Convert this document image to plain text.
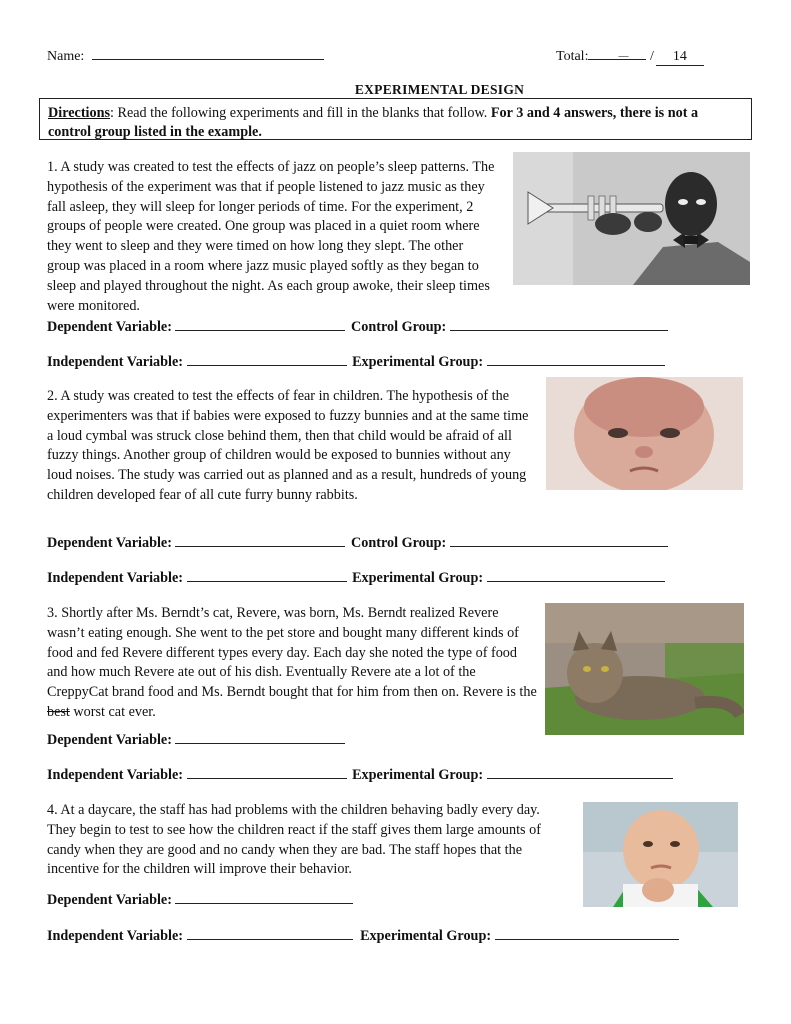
Name:	Total:	__ / 14
EXPERIMENTAL DESIGN

Directions: Read the following experiments and fill in the blanks that follow. For 3 and 4 answers, there is not a control group listed in the example.

1. A study was created to test the effects of jazz on people’s sleep patterns. The hypothesis of the experiment was that if people listened to jazz music as they fall asleep, they will sleep for longer periods of time. For the experiment, 2 groups of people were created. One group was placed in a quiet room where they went to sleep and they were timed on how long they slept. The other group was placed in a room where jazz music played softly as they began to sleep and played throughout the night. As each group awoke, their sleep times were monitored.

Dependent Variable:	Control Group:
Independent Variable:	Experimental Group:

2. A study was created to test the effects of fear in children. The hypothesis of the experimenters was that if babies were exposed to fuzzy bunnies and at the same time a loud cymbal was struck close behind them, then that child would be afraid of all fuzzy things. Another group of children would be exposed to bunnies without any loud noises. The study was carried out as planned and as a result, hundreds of young children developed fear of all cute furry bunny rabbits.

Dependent Variable:	Control Group:
Independent Variable:	Experimental Group:

3. Shortly after Ms. Berndt’s cat, Revere, was born, Ms. Berndt realized Revere wasn’t eating enough. She went to the pet store and bought many different kinds of food and fed Revere different types every day. Each day she noted the type of food and how much Revere ate out of his dish. Eventually Revere ate a lot of the CreppyCat brand food and Ms. Berndt bought that for him from then on. Revere is the best worst cat ever.

Dependent Variable:
Independent Variable:	Experimental Group:

4. At a daycare, the staff has had problems with the children behaving badly every day. They begin to test to see how the children react if the staff gives them large amounts of candy when they are good and no candy when they are bad. The staff hopes that the incentive for the children will improve their behavior.

Dependent Variable:
Independent Variable:	Experimental Group:
